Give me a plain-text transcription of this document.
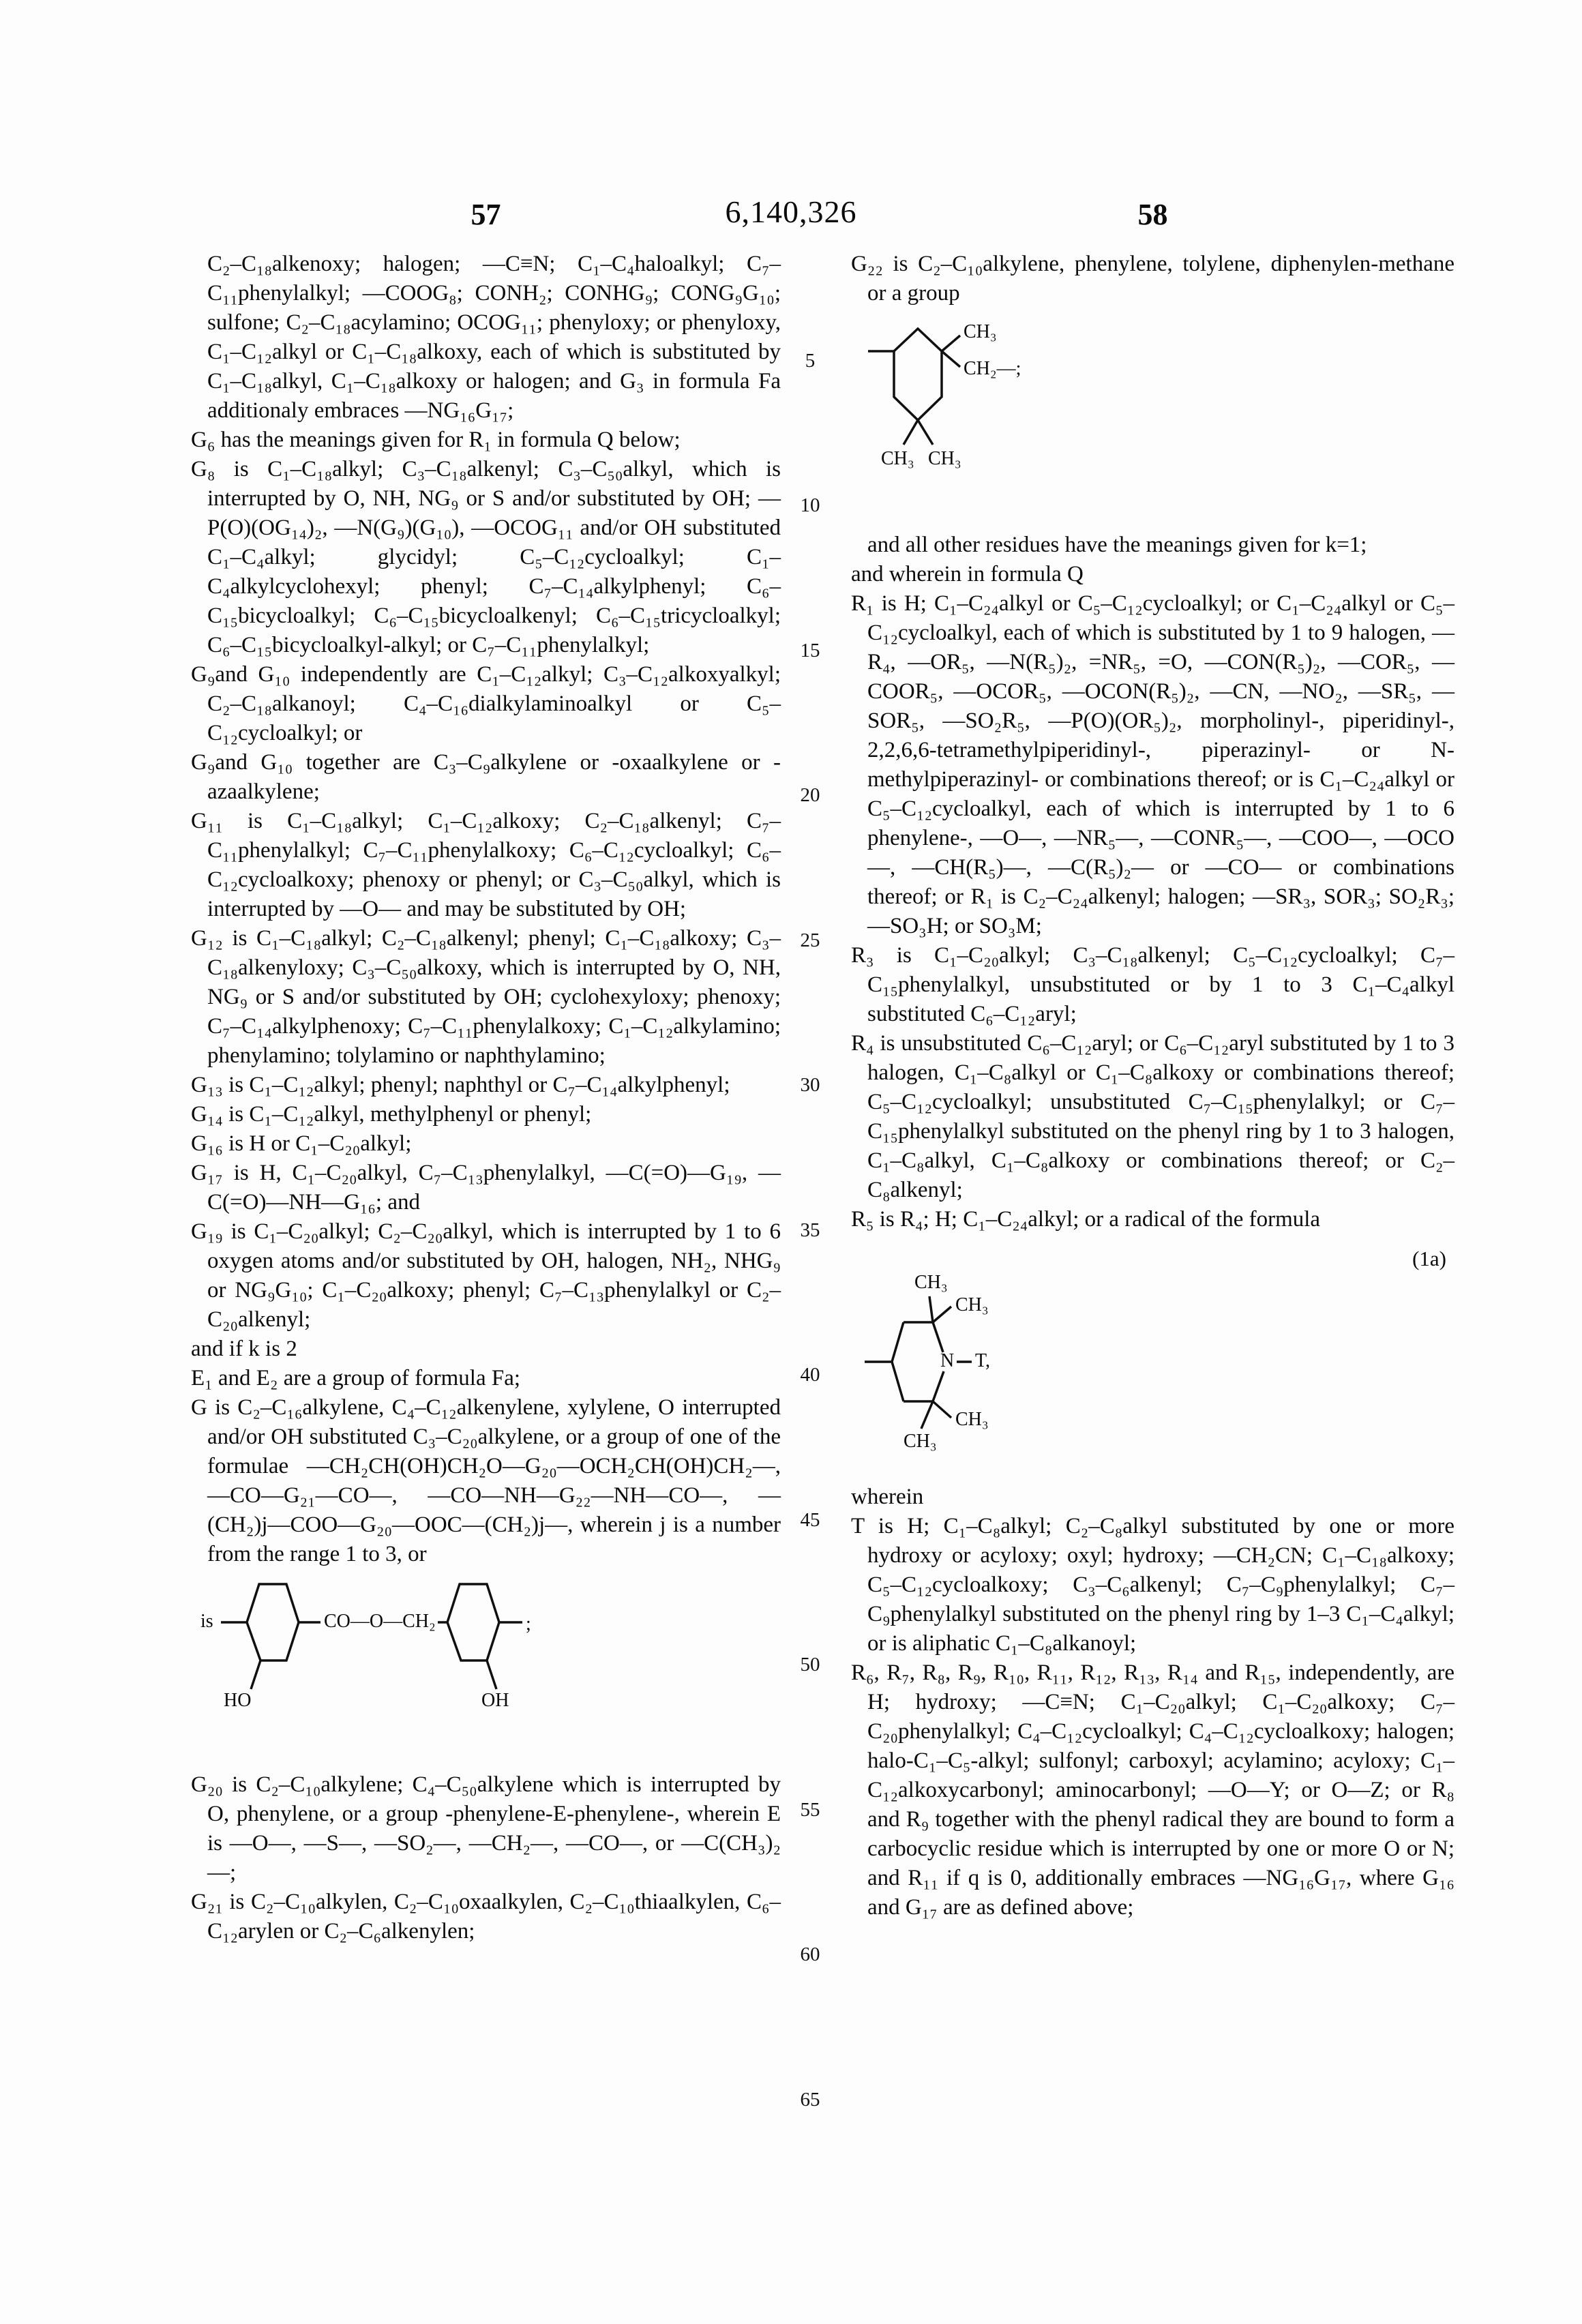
6,140,326
57	58
5
10
15
20
25
30
35
40
45
50
55
60
65

C₂–C₁₈alkenoxy; halogen; —C≡N; C₁–C₄haloalkyl; C₇–C₁₁phenylalkyl; —COOG₈; CONH₂; CONHG₉; CONG₉G₁₀; sulfone; C₂–C₁₈acylamino; OCOG₁₁; phenyloxy; or phenyloxy, C₁–C₁₂alkyl or C₁–C₁₈alkoxy, each of which is substituted by C₁–C₁₈alkyl, C₁–C₁₈alkoxy or halogen; and G₃ in formula Fa additionaly embraces —NG₁₆G₁₇;

G₆ has the meanings given for R₁ in formula Q below;

G₈ is C₁–C₁₈alkyl; C₃–C₁₈alkenyl; C₃–C₅₀alkyl, which is interrupted by O, NH, NG₉ or S and/or substituted by OH; —P(O)(OG₁₄)₂, —N(G₉)(G₁₀), —OCOG₁₁ and/or OH substituted C₁–C₄alkyl; glycidyl; C₅–C₁₂cycloalkyl; C₁–C₄alkylcyclohexyl; phenyl; C₇–C₁₄alkylphenyl; C₆–C₁₅bicycloalkyl; C₆–C₁₅bicycloalkenyl; C₆–C₁₅tricycloalkyl; C₆–C₁₅bicycloalkyl-alkyl; or C₇–C₁₁phenylalkyl;

G₉and G₁₀ independently are C₁–C₁₂alkyl; C₃–C₁₂alkoxyalkyl; C₂–C₁₈alkanoyl; C₄–C₁₆dialkylaminoalkyl or C₅–C₁₂cycloalkyl; or

G₉and G₁₀ together are C₃–C₉alkylene or -oxaalkylene or -azaalkylene;

G₁₁ is C₁–C₁₈alkyl; C₁–C₁₂alkoxy; C₂–C₁₈alkenyl; C₇–C₁₁phenylalkyl; C₇–C₁₁phenylalkoxy; C₆–C₁₂cycloalkyl; C₆–C₁₂cycloalkoxy; phenoxy or phenyl; or C₃–C₅₀alkyl, which is interrupted by —O— and may be substituted by OH;

G₁₂ is C₁–C₁₈alkyl; C₂–C₁₈alkenyl; phenyl; C₁–C₁₈alkoxy; C₃–C₁₈alkenyloxy; C₃–C₅₀alkoxy, which is interrupted by O, NH, NG₉ or S and/or substituted by OH; cyclohexyloxy; phenoxy; C₇–C₁₄alkylphenoxy; C₇–C₁₁phenylalkoxy; C₁–C₁₂alkylamino; phenylamino; tolylamino or naphthylamino;

G₁₃ is C₁–C₁₂alkyl; phenyl; naphthyl or C₇–C₁₄alkylphenyl;

G₁₄ is C₁–C₁₂alkyl, methylphenyl or phenyl;

G₁₆ is H or C₁–C₂₀alkyl;

G₁₇ is H, C₁–C₂₀alkyl, C₇–C₁₃phenylalkyl, —C(=O)—G₁₉, —C(=O)—NH—G₁₆; and

G₁₉ is C₁–C₂₀alkyl; C₂–C₂₀alkyl, which is interrupted by 1 to 6 oxygen atoms and/or substituted by OH, halogen, NH₂, NHG₉ or NG₉G₁₀; C₁–C₂₀alkoxy; phenyl; C₇–C₁₃phenylalkyl or C₂–C₂₀alkenyl;

and if k is 2

E₁ and E₂ are a group of formula Fa;

G is C₂–C₁₆alkylene, C₄–C₁₂alkenylene, xylylene, O interrupted and/or OH substituted C₃–C₂₀alkylene, or a group of one of the formulae —CH₂CH(OH)CH₂O—G₂₀—OCH₂CH(OH)CH₂—, —CO—G₂₁—CO—, —CO—NH—G₂₂—NH—CO—, —(CH₂)j—COO—G₂₀—OOC—(CH₂)j—, wherein j is a number from the range 1 to 3, or

is	CO—O—CH₂
HO	OH
;

G₂₀ is C₂–C₁₀alkylene; C₄–C₅₀alkylene which is interrupted by O, phenylene, or a group -phenylene-E-phenylene-, wherein E is —O—, —S—, —SO₂—, —CH₂—, —CO—, or —C(CH₃)₂—;

G₂₁ is C₂–C₁₀alkylen, C₂–C₁₀oxaalkylen, C₂–C₁₀thiaalkylen, C₆–C₁₂arylen or C₂–C₆alkenylen;

G₂₂ is C₂–C₁₀alkylene, phenylene, tolylene, diphenylen-methane or a group

CH₃
CH₂—;
CH₃ CH₃

and all other residues have the meanings given for k=1;

and wherein in formula Q

R₁ is H; C₁–C₂₄alkyl or C₅–C₁₂cycloalkyl; or C₁–C₂₄alkyl or C₅–C₁₂cycloalkyl, each of which is substituted by 1 to 9 halogen, —R₄, —OR₅, —N(R₅)₂, =NR₅, =O, —CON(R₅)₂, —COR₅, —COOR₅, —OCOR₅, —OCON(R₅)₂, —CN, —NO₂, —SR₅, —SOR₅, —SO₂R₅, —P(O)(OR₅)₂, morpholinyl-, piperidinyl-, 2,2,6,6-tetramethylpiperidinyl-, piperazinyl- or N-methylpiperazinyl- or combinations thereof; or is C₁–C₂₄alkyl or C₅–C₁₂cycloalkyl, each of which is interrupted by 1 to 6 phenylene-, —O—, —NR₅—, —CONR₅—, —COO—, —OCO—, —CH(R₅)—, —C(R₅)₂— or —CO— or combinations thereof; or R₁ is C₂–C₂₄alkenyl; halogen; —SR₃, SOR₃; SO₂R₃; —SO₃H; or SO₃M;

R₃ is C₁–C₂₀alkyl; C₃–C₁₈alkenyl; C₅–C₁₂cycloalkyl; C₇–C₁₅phenylalkyl, unsubstituted or by 1 to 3 C₁–C₄alkyl substituted C₆–C₁₂aryl;

R₄ is unsubstituted C₆–C₁₂aryl; or C₆–C₁₂aryl substituted by 1 to 3 halogen, C₁–C₈alkyl or C₁–C₈alkoxy or combinations thereof; C₅–C₁₂cycloalkyl; unsubstituted C₇–C₁₅phenylalkyl; or C₇–C₁₅phenylalkyl substituted on the phenyl ring by 1 to 3 halogen, C₁–C₈alkyl, C₁–C₈alkoxy or combinations thereof; or C₂–C₈alkenyl;

R₅ is R₄; H; C₁–C₂₄alkyl; or a radical of the formula

(1a)
CH₃
CH₃
N T,
CH₃
CH₃

wherein

T is H; C₁–C₈alkyl; C₂–C₈alkyl substituted by one or more hydroxy or acyloxy; oxyl; hydroxy; —CH₂CN; C₁–C₁₈alkoxy; C₅–C₁₂cycloalkoxy; C₃–C₆alkenyl; C₇–C₉phenylalkyl; C₇–C₉phenylalkyl substituted on the phenyl ring by 1–3 C₁–C₄alkyl; or is aliphatic C₁–C₈alkanoyl;

R₆, R₇, R₈, R₉, R₁₀, R₁₁, R₁₂, R₁₃, R₁₄ and R₁₅, independently, are H; hydroxy; —C≡N; C₁–C₂₀alkyl; C₁–C₂₀alkoxy; C₇–C₂₀phenylalkyl; C₄–C₁₂cycloalkyl; C₄–C₁₂cycloalkoxy; halogen; halo-C₁–C₅-alkyl; sulfonyl; carboxyl; acylamino; acyloxy; C₁–C₁₂alkoxycarbonyl; aminocarbonyl; —O—Y; or O—Z; or R₈ and R₉ together with the phenyl radical they are bound to form a carbocyclic residue which is interrupted by one or more O or N; and R₁₁ if q is 0, additionally embraces —NG₁₆G₁₇, where G₁₆ and G₁₇ are as defined above;
